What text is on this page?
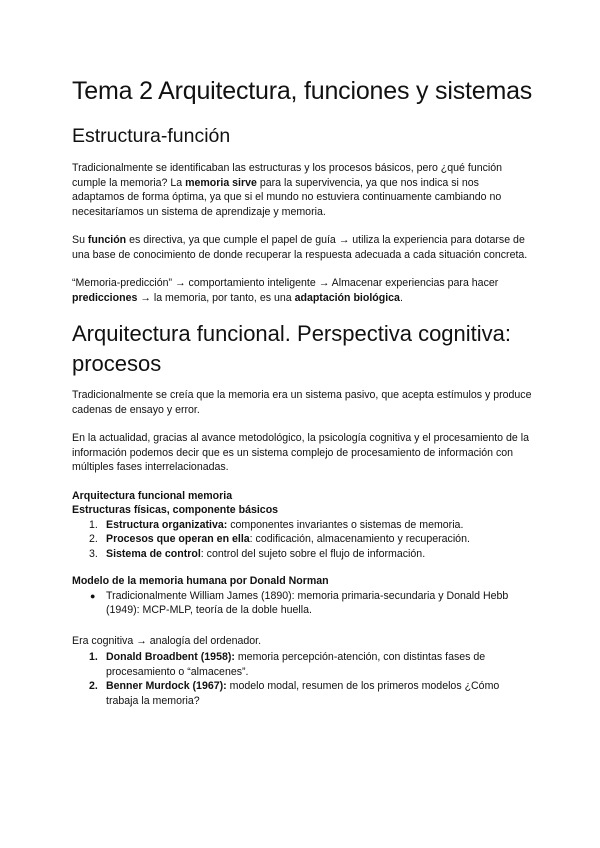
Tema 2 Arquitectura, funciones y sistemas
Estructura-función

Tradicionalmente se identificaban las estructuras y los procesos básicos, pero ¿qué función cumple la memoria? La memoria sirve para la supervivencia, ya que nos indica si nos adaptamos de forma óptima, ya que si el mundo no estuviera continuamente cambiando no necesitaríamos un sistema de aprendizaje y memoria.

Su función es directiva, ya que cumple el papel de guía → utiliza la experiencia para dotarse de una base de conocimiento de donde recuperar la respuesta adecuada a cada situación concreta.

“Memoria-predicción” → comportamiento inteligente → Almacenar experiencias para hacer predicciones → la memoria, por tanto, es una adaptación biológica.

Arquitectura funcional. Perspectiva cognitiva: procesos

Tradicionalmente se creía que la memoria era un sistema pasivo, que acepta estímulos y produce cadenas de ensayo y error.

En la actualidad, gracias al avance metodológico, la psicología cognitiva y el procesamiento de la información podemos decir que es un sistema complejo de procesamiento de información con múltiples fases interrelacionadas.

Arquitectura funcional memoria
Estructuras físicas, componente básicos
1. Estructura organizativa: componentes invariantes o sistemas de memoria.
2. Procesos que operan en ella: codificación, almacenamiento y recuperación.
3. Sistema de control: control del sujeto sobre el flujo de información.
Modelo de la memoria humana por Donald Norman
● Tradicionalmente William James (1890): memoria primaria-secundaria y Donald Hebb (1949): MCP-MLP, teoría de la doble huella.

Era cognitiva → analogía del ordenador.

1. Donald Broadbent (1958): memoria percepción-atención, con distintas fases de procesamiento o “almacenes”.
2. Benner Murdock (1967): modelo modal, resumen de los primeros modelos ¿Cómo trabaja la memoria?
